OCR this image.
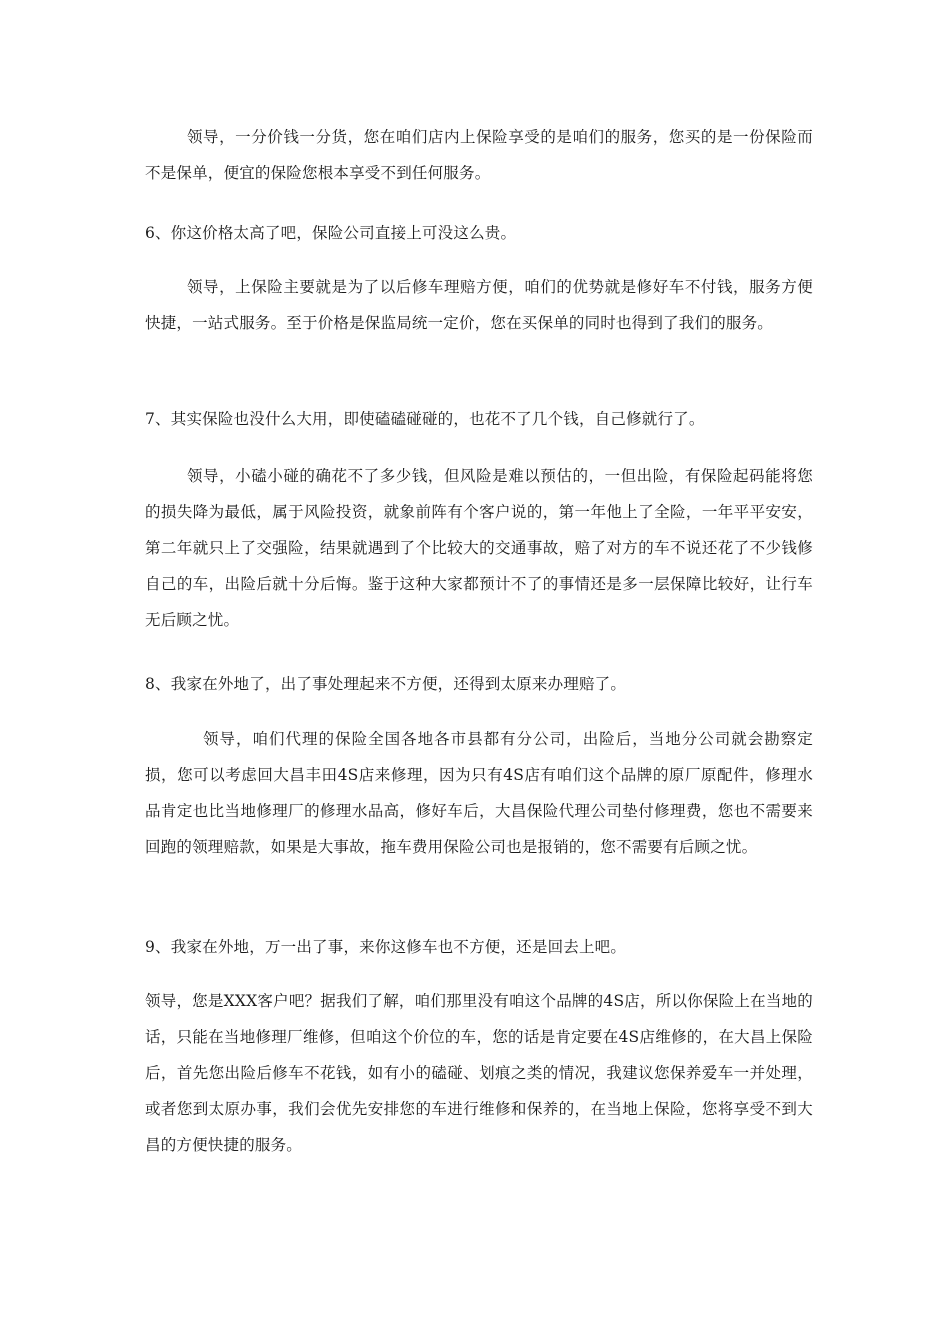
领导，一分价钱一分货，您在咱们店内上保险享受的是咱们的服务，您买的是一份保险而不是保单，便宜的保险您根本享受不到任何服务。

6、你这价格太高了吧，保险公司直接上可没这么贵。

领导，上保险主要就是为了以后修车理赔方便，咱们的优势就是修好车不付钱，服务方便快捷，一站式服务。至于价格是保监局统一定价，您在买保单的同时也得到了我们的服务。

7、其实保险也没什么大用，即使磕磕碰碰的，也花不了几个钱，自己修就行了。

领导，小磕小碰的确花不了多少钱，但风险是难以预估的，一但出险，有保险起码能将您的损失降为最低，属于风险投资，就象前阵有个客户说的，第一年他上了全险，一年平平安安，第二年就只上了交强险，结果就遇到了个比较大的交通事故，赔了对方的车不说还花了不少钱修自己的车，出险后就十分后悔。鉴于这种大家都预计不了的事情还是多一层保障比较好，让行车无后顾之忧。

8、我家在外地了，出了事处理起来不方便，还得到太原来办理赔了。

领导，咱们代理的保险全国各地各市县都有分公司，出险后，当地分公司就会勘察定损，您可以考虑回大昌丰田4S店来修理，因为只有4S店有咱们这个品牌的原厂原配件，修理水品肯定也比当地修理厂的修理水品高，修好车后，大昌保险代理公司垫付修理费，您也不需要来回跑的领理赔款，如果是大事故，拖车费用保险公司也是报销的，您不需要有后顾之忧。

9、我家在外地，万一出了事，来你这修车也不方便，还是回去上吧。

领导，您是XXX客户吧？据我们了解，咱们那里没有咱这个品牌的4S店，所以你保险上在当地的话，只能在当地修理厂维修，但咱这个价位的车，您的话是肯定要在4S店维修的，在大昌上保险后，首先您出险后修车不花钱，如有小的磕碰、划痕之类的情况，我建议您保养爱车一并处理，或者您到太原办事，我们会优先安排您的车进行维修和保养的，在当地上保险，您将享受不到大昌的方便快捷的服务。
